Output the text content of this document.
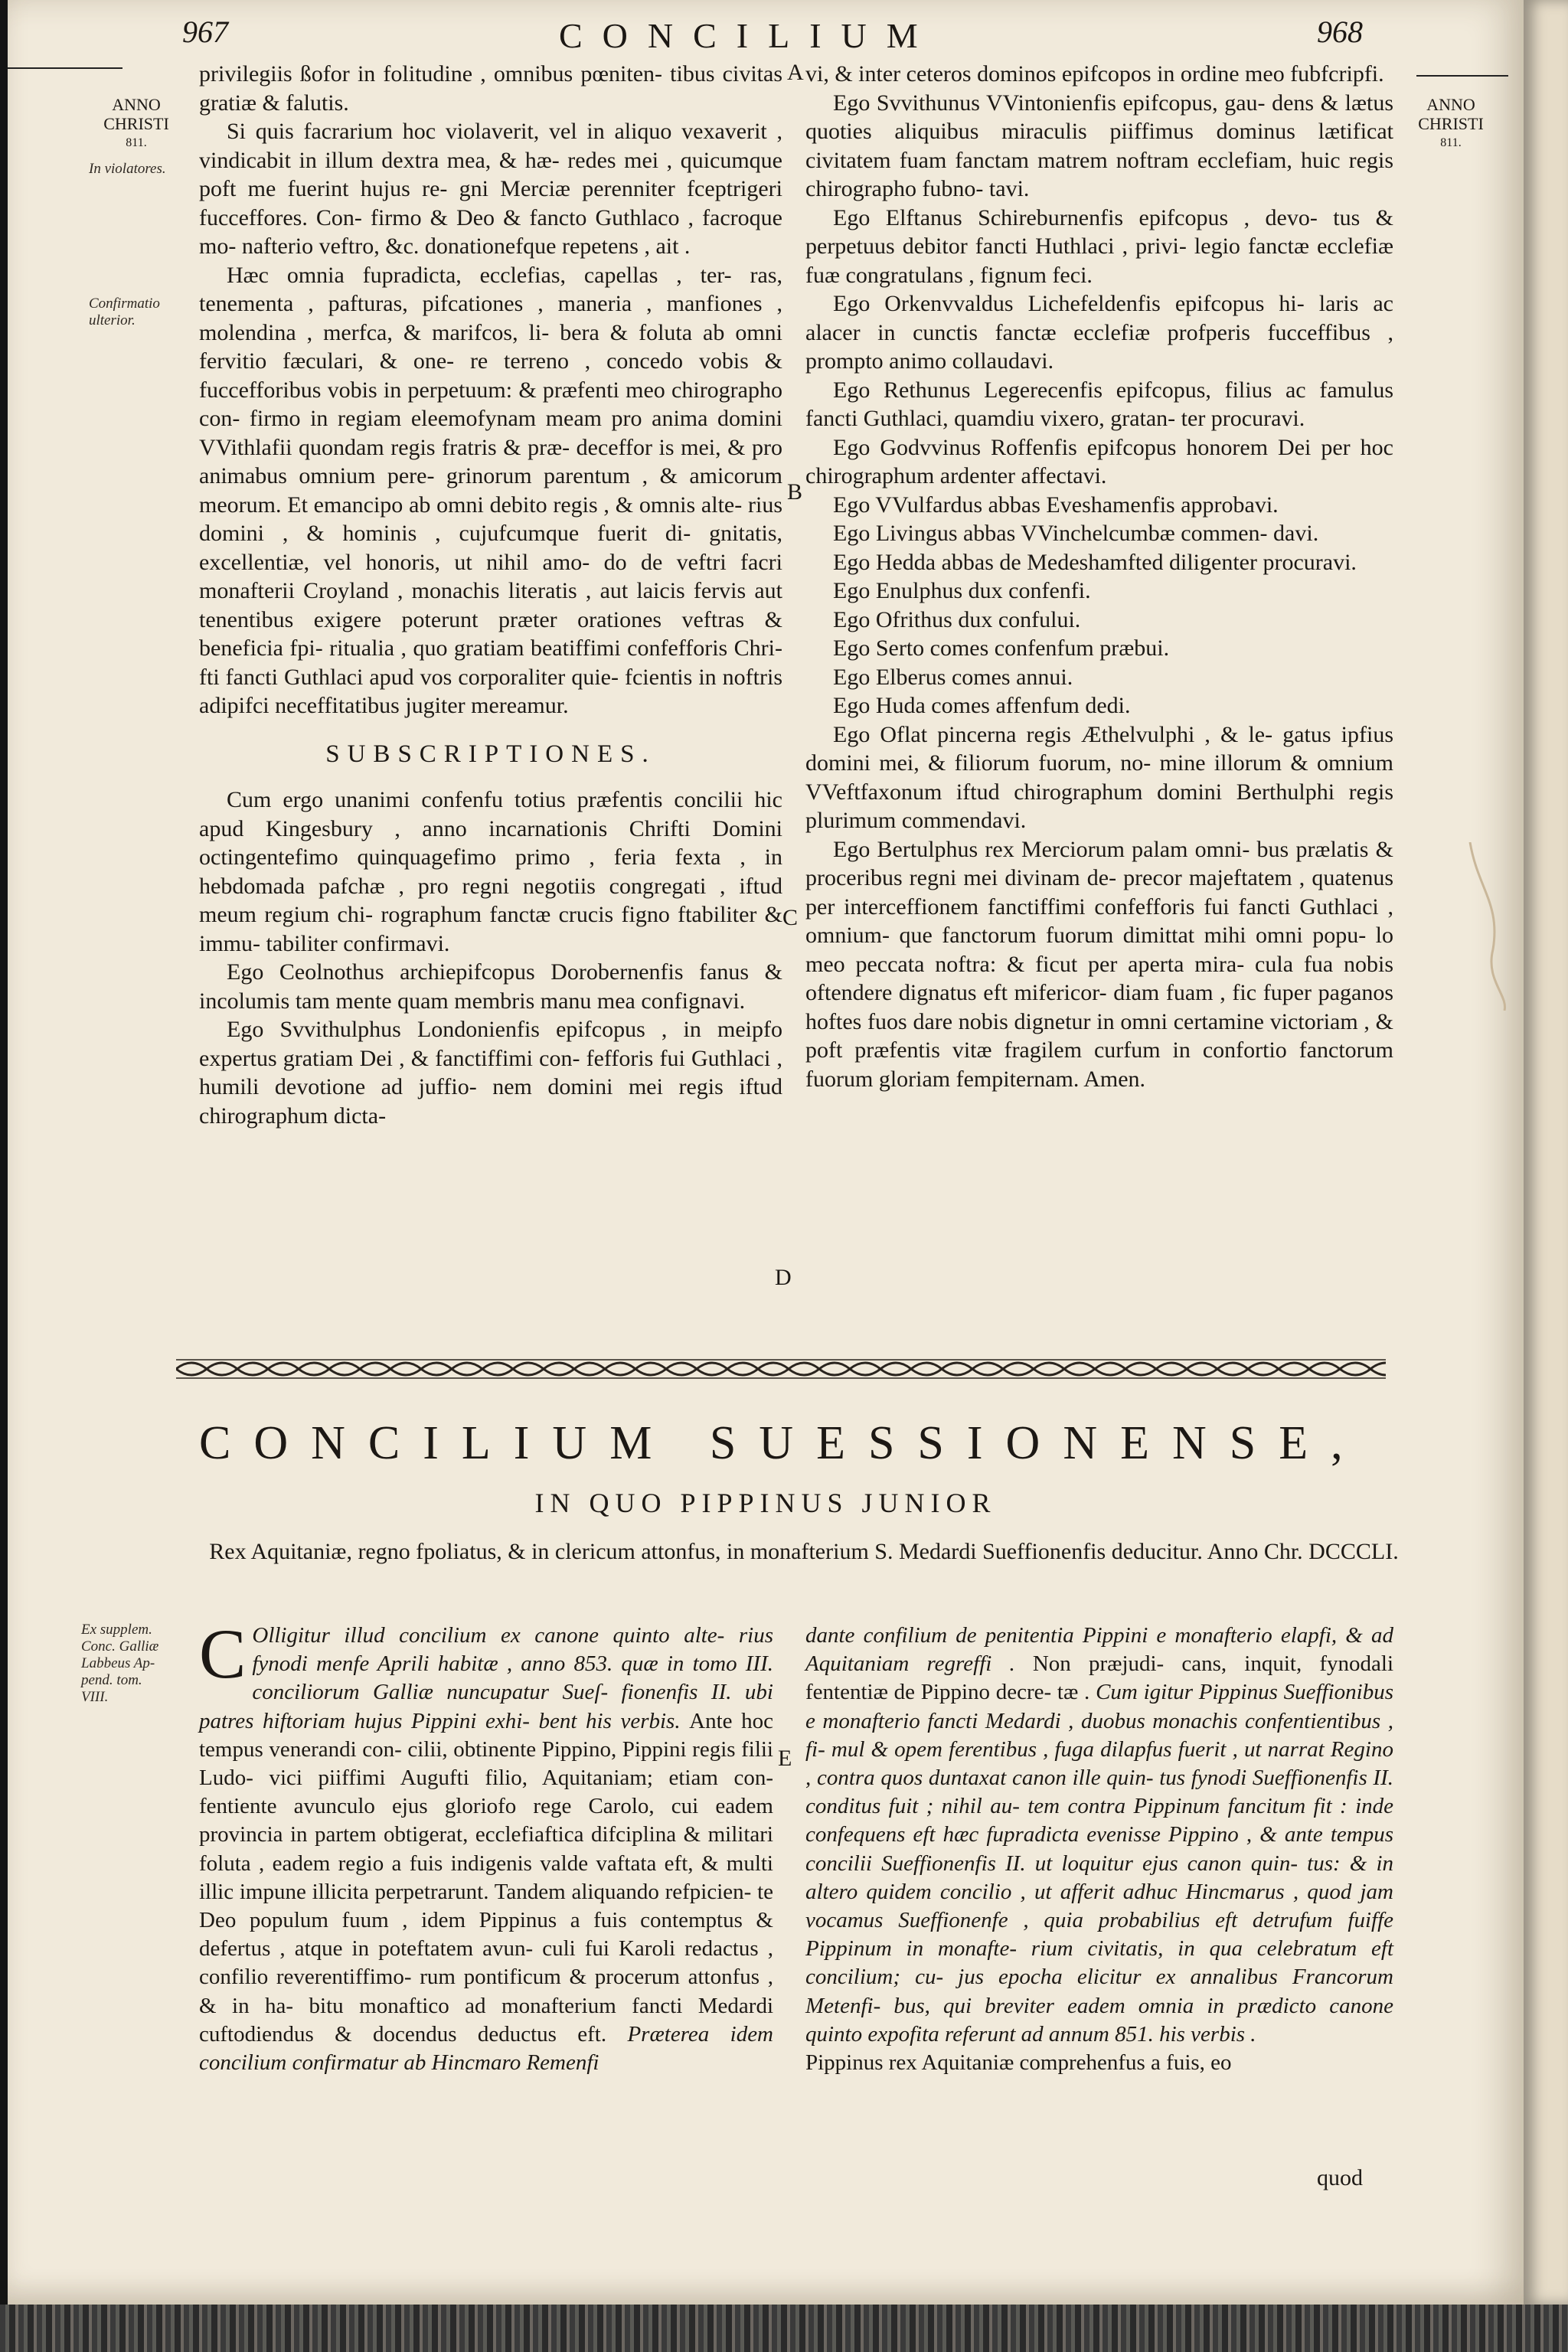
967	CONCILIUM	968
ANNO
CHRISTI
811.
In violatores.
Confirmatio
ulterior.
ANNO
CHRISTI
811.

privilegiis ßofor in folitudine , omnibus pœniten- tibus civitas gratiæ & falutis.

Si quis facrarium hoc violaverit, vel in aliquo vexaverit , vindicabit in illum dextra mea, & hæ- redes mei , quicumque poft me fuerint hujus re- gni Merciæ perenniter fceptrigeri fucceffores. Con- firmo & Deo & fancto Guthlaco , facroque mo- nafterio veftro, &c. donationefque repetens , ait .

Hæc omnia fupradicta, ecclefias, capellas , ter- ras, tenementa , pafturas, pifcationes , maneria , manfiones , molendina , merfca, & marifcos, li- bera & foluta ab omni fervitio fæculari, & one- re terreno , concedo vobis & fuccefforibus vobis in perpetuum: & præfenti meo chirographo con- firmo in regiam eleemofynam meam pro anima domini VVithlafii quondam regis fratris & præ- deceffor is mei, & pro animabus omnium pere- grinorum parentum , & amicorum meorum. Et emancipo ab omni debito regis , & omnis alte- rius domini , & hominis , cujufcumque fuerit di- gnitatis, excellentiæ, vel honoris, ut nihil amo- do de veftri facri monafterii Croyland , monachis literatis , aut laicis fervis aut tenentibus exigere poterunt præter orationes veftras & beneficia fpi- ritualia , quo gratiam beatiffimi confefforis Chri- fti fancti Guthlaci apud vos corporaliter quie- fcientis in noftris adipifci neceffitatibus jugiter mereamur.

SUBSCRIPTIONES.

Cum ergo unanimi confenfu totius præfentis concilii hic apud Kingesbury , anno incarnationis Chrifti Domini octingentefimo quinquagefimo primo , feria fexta , in hebdomada pafchæ , pro regni negotiis congregati , iftud meum regium chi- rographum fanctæ crucis figno ftabiliter & immu- tabiliter confirmavi.

Ego Ceolnothus archiepifcopus Dorobernenfis fanus & incolumis tam mente quam membris manu mea confignavi.

Ego Svvithulphus Londonienfis epifcopus , in meipfo expertus gratiam Dei , & fanctiffimi con- fefforis fui Guthlaci , humili devotione ad juffio- nem domini mei regis iftud chirographum dicta-

A
B
C
D
E

vi, & inter ceteros dominos epifcopos in ordine meo fubfcripfi.

Ego Svvithunus VVintonienfis epifcopus, gau- dens & lætus quoties aliquibus miraculis piiffimus dominus lætificat civitatem fuam fanctam matrem noftram ecclefiam, huic regis chirographo fubno- tavi.

Ego Elftanus Schireburnenfis epifcopus , devo- tus & perpetuus debitor fancti Huthlaci , privi- legio fanctæ ecclefiæ fuæ congratulans , fignum feci.

Ego Orkenvvaldus Lichefeldenfis epifcopus hi- laris ac alacer in cunctis fanctæ ecclefiæ profperis fucceffibus , prompto animo collaudavi.

Ego Rethunus Legerecenfis epifcopus, filius ac famulus fancti Guthlaci, quamdiu vixero, gratan- ter procuravi.

Ego Godvvinus Roffenfis epifcopus honorem Dei per hoc chirographum ardenter affectavi.

Ego VVulfardus abbas Eveshamenfis approbavi.

Ego Livingus abbas VVinchelcumbæ commen- davi.

Ego Hedda abbas de Medeshamfted diligenter procuravi.

Ego Enulphus dux confenfi.

Ego Ofrithus dux confului.

Ego Serto comes confenfum præbui.

Ego Elberus comes annui.

Ego Huda comes affenfum dedi.

Ego Oflat pincerna regis Æthelvulphi , & le- gatus ipfius domini mei, & filiorum fuorum, no- mine illorum & omnium VVeftfaxonum iftud chirographum domini Berthulphi regis plurimum commendavi.

Ego Bertulphus rex Merciorum palam omni- bus prælatis & proceribus regni mei divinam de- precor majeftatem , quatenus per interceffionem fanctiffimi confefforis fui fancti Guthlaci , omnium- que fanctorum fuorum dimittat mihi omni popu- lo meo peccata noftra: & ficut per aperta mira- cula fua nobis oftendere dignatus eft mifericor- diam fuam , fic fuper paganos hoftes fuos dare nobis dignetur in omni certamine victoriam , & poft præfentis vitæ fragilem curfum in confortio fanctorum fuorum gloriam fempiternam. Amen.

CONCILIUM SUESSIONENSE,
IN QUO PIPPINUS JUNIOR
Rex Aquitaniæ, regno fpoliatus, & in clericum attonfus, in monafterium S. Medardi Sueffionenfis deducitur. Anno Chr. DCCCLI.
Ex supplem.
Conc. Galliæ
Labbeus Ap-
pend. tom.
VIII.
C Olligitur illud concilium ex canone quinto alte- rius fynodi menfe Aprili habitæ , anno 853. quæ in tomo III. conciliorum Galliæ nuncupatur Sueſ- fionenfis II. ubi patres hiftoriam hujus Pippini exhi- bent his verbis. Ante hoc tempus venerandi con- cilii, obtinente Pippino, Pippini regis filii Ludo- vici piiffimi Augufti filio, Aquitaniam; etiam con- fentiente avunculo ejus gloriofo rege Carolo, cui eadem provincia in partem obtigerat, ecclefiaftica difciplina & militari foluta , eadem regio a fuis indigenis valde vaftata eft, & multi illic impune illicita perpetrarunt. Tandem aliquando refpicien- te Deo populum fuum , idem Pippinus a fuis contemptus & defertus , atque in poteftatem avun- culi fui Karoli redactus , confilio reverentiffimo- rum pontificum & procerum attonfus , & in ha- bitu monaftico ad monafterium fancti Medardi cuftodiendus & docendus deductus eft. Præterea idem concilium confirmatur ab Hincmaro Remenfi
dante confilium de penitentia Pippini e monafterio elapfi, & ad Aquitaniam regreffi . Non præjudi- cans, inquit, fynodali fententiæ de Pippino decre- tæ . Cum igitur Pippinus Sueffionibus e monafterio fancti Medardi , duobus monachis confentientibus , fi- mul & opem ferentibus , fuga dilapfus fuerit , ut narrat Regino , contra quos duntaxat canon ille quin- tus fynodi Sueffionenfis II. conditus fuit ; nihil au- tem contra Pippinum fancitum fit : inde confequens eft hæc fupradicta evenisse Pippino , & ante tempus concilii Sueffionenfis II. ut loquitur ejus canon quin- tus: & in altero quidem concilio , ut afferit adhuc Hincmarus , quod jam vocamus Sueffionenfe , quia probabilius eft detrufum fuiffe Pippinum in monafte- rium civitatis, in qua celebratum eft concilium; cu- jus epocha elicitur ex annalibus Francorum Metenfi- bus, qui breviter eadem omnia in prædicto canone quinto expofita referunt ad annum 851. his verbis .
Pippinus rex Aquitaniæ comprehenfus a fuis, eo
quod
